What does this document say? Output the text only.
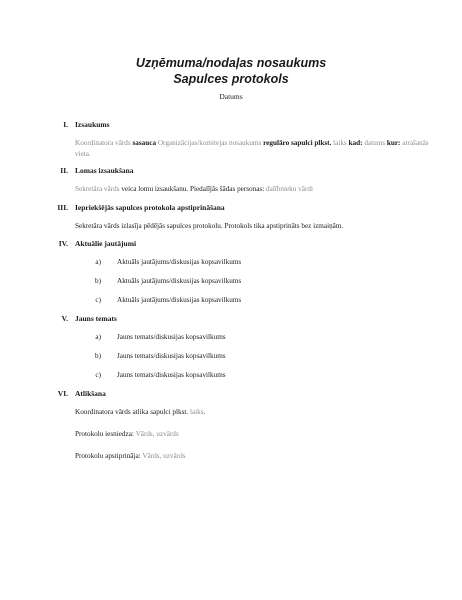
Uzņēmuma/nodaļas nosaukums
Sapulces protokols
Datums
I. Izsaukums
Koordinatora vārds sasauca Organizācijas/komitejas nosaukums regulāro sapulci plkst. laiks kad: datums kur: atrašanās vieta.
II. Lomas izsaukšana
Sekretāra vārds veica lomu izsaukšanu. Piedalījās šādas personas: dalībnieku vārdi
III. Iepriekšējās sapulces protokola apstiprināšana
Sekretāra vārds izlasīja pēdējās sapulces protokolu. Protokols tika apstiprināts bez izmaiņām.
IV. Aktuālie jautājumi
a)	Aktuāls jautājums/diskusijas kopsavilkums
b)	Aktuāls jautājums/diskusijas kopsavilkums
c)	Aktuāls jautājums/diskusijas kopsavilkums
V. Jauns temats
a)	Jauns temats/diskusijas kopsavilkums
b)	Jauns temats/diskusijas kopsavilkums
c)	Jauns temats/diskusijas kopsavilkums
VI. Atlikšana
Koordinatora vārds atlika sapulci plkst. laiks.
Protokolu iesniedza: Vārds, uzvārds
Protokolu apstiprināja: Vārds, uzvārds
